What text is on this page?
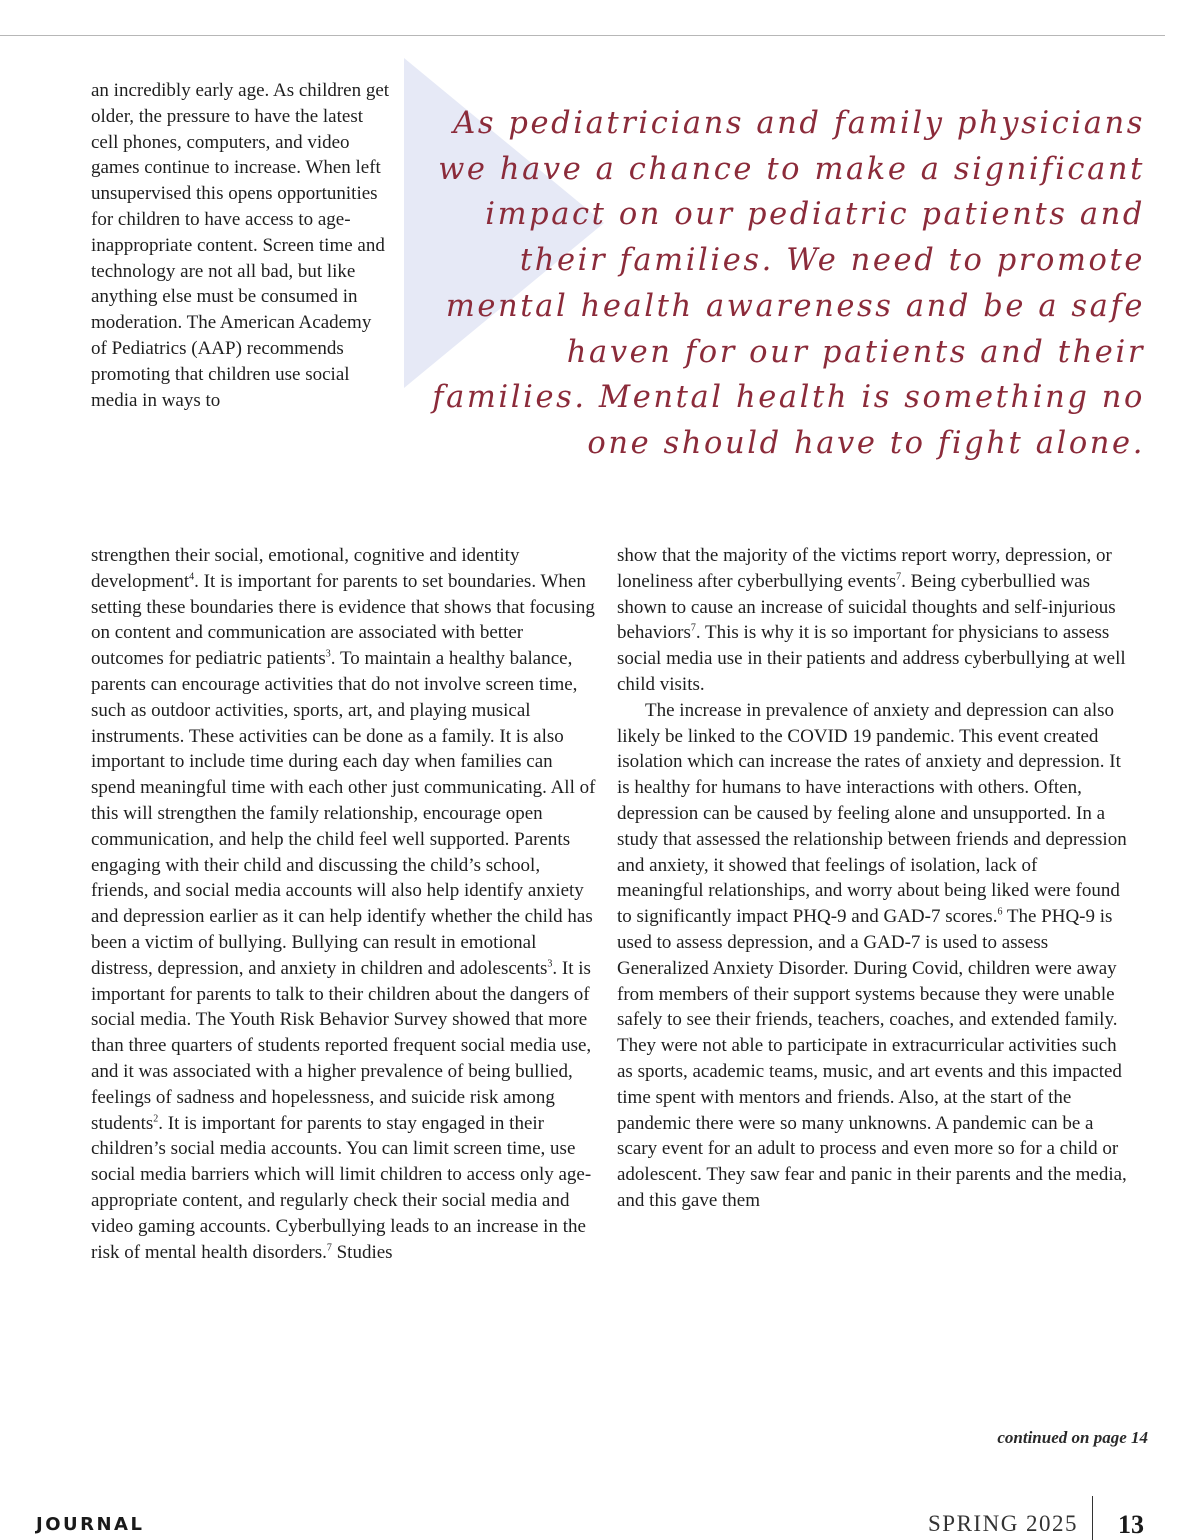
an incredibly early age. As children get older, the pressure to have the latest cell phones, computers, and video games continue to increase. When left unsupervised this opens opportunities for children to have access to age-inappropriate content. Screen time and technology are not all bad, but like anything else must be consumed in moderation. The American Academy of Pediatrics (AAP) recommends promoting that children use social media in ways to

As pediatricians and family physicians we have a chance to make a significant impact on our pediatric patients and their families. We need to promote mental health awareness and be a safe haven for our patients and their families. Mental health is something no one should have to fight alone.

strengthen their social, emotional, cognitive and identity development$^4$. It is important for parents to set boundaries. When setting these boundaries there is evidence that shows that focusing on content and communication are associated with better outcomes for pediatric patients$^3$. To maintain a healthy balance, parents can encourage activities that do not involve screen time, such as outdoor activities, sports, art, and playing musical instruments. These activities can be done as a family. It is also important to include time during each day when families can spend meaningful time with each other just communicating. All of this will strengthen the family relationship, encourage open communication, and help the child feel well supported. Parents engaging with their child and discussing the child’s school, friends, and social media accounts will also help identify anxiety and depression earlier as it can help identify whether the child has been a victim of bullying. Bullying can result in emotional distress, depression, and anxiety in children and adolescents$^3$. It is important for parents to talk to their children about the dangers of social media. The Youth Risk Behavior Survey showed that more than three quarters of students reported frequent social media use, and it was associated with a higher prevalence of being bullied, feelings of sadness and hopelessness, and suicide risk among students$^2$. It is important for parents to stay engaged in their children’s social media accounts. You can limit screen time, use social media barriers which will limit children to access only age-appropriate content, and regularly check their social media and video gaming accounts. Cyberbullying leads to an increase in the risk of mental health disorders.$^7$ Studies

show that the majority of the victims report worry, depression, or loneliness after cyberbullying events$^7$. Being cyberbullied was shown to cause an increase of suicidal thoughts and self-injurious behaviors$^7$. This is why it is so important for physicians to assess social media use in their patients and address cyberbullying at well child visits.

The increase in prevalence of anxiety and depression can also likely be linked to the COVID 19 pandemic. This event created isolation which can increase the rates of anxiety and depression. It is healthy for humans to have interactions with others. Often, depression can be caused by feeling alone and unsupported. In a study that assessed the relationship between friends and depression and anxiety, it showed that feelings of isolation, lack of meaningful relationships, and worry about being liked were found to significantly impact PHQ-9 and GAD-7 scores.$^6$ The PHQ-9 is used to assess depression, and a GAD-7 is used to assess Generalized Anxiety Disorder. During Covid, children were away from members of their support systems because they were unable safely to see their friends, teachers, coaches, and extended family. They were not able to participate in extracurricular activities such as sports, academic teams, music, and art events and this impacted time spent with mentors and friends. Also, at the start of the pandemic there were so many unknowns. A pandemic can be a scary event for an adult to process and even more so for a child or adolescent. They saw fear and panic in their parents and the media, and this gave them

continued on page 14
JOURNAL	SPRING 2025 13
